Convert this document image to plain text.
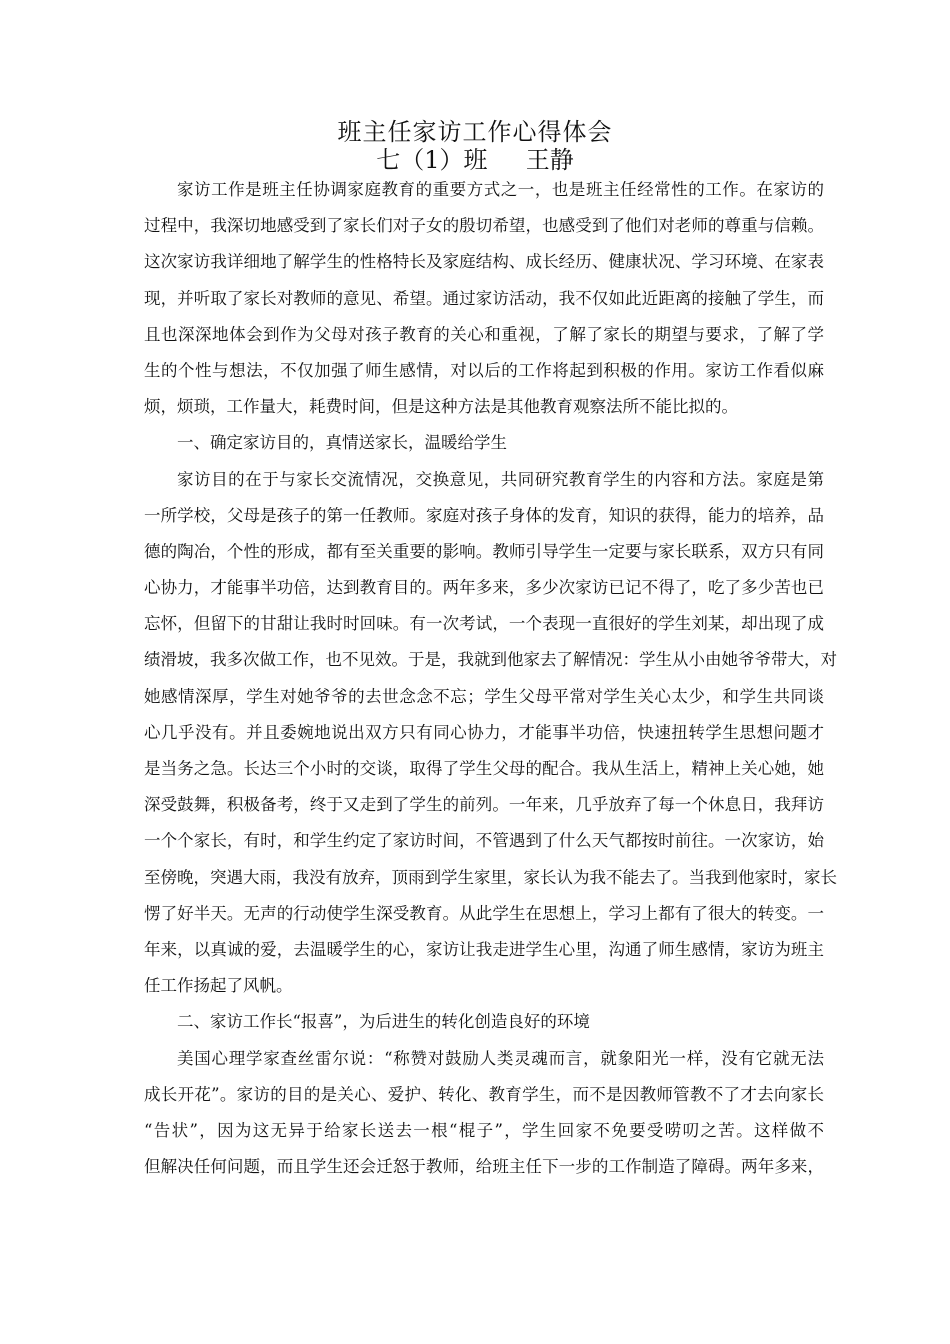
班主任家访工作心得体会
七（1）班     王静
家访工作是班主任协调家庭教育的重要方式之一，也是班主任经常性的工作。在家访的
过程中，我深切地感受到了家长们对子女的殷切希望，也感受到了他们对老师的尊重与信赖。
这次家访我详细地了解学生的性格特长及家庭结构、成长经历、健康状况、学习环境、在家表
现，并听取了家长对教师的意见、希望。通过家访活动，我不仅如此近距离的接触了学生，而
且也深深地体会到作为父母对孩子教育的关心和重视，了解了家长的期望与要求，了解了学
生的个性与想法，不仅加强了师生感情，对以后的工作将起到积极的作用。家访工作看似麻
烦，烦琐，工作量大，耗费时间，但是这种方法是其他教育观察法所不能比拟的。
一、确定家访目的，真情送家长，温暖给学生
家访目的在于与家长交流情况，交换意见，共同研究教育学生的内容和方法。家庭是第
一所学校，父母是孩子的第一任教师。家庭对孩子身体的发育，知识的获得，能力的培养，品
德的陶冶，个性的形成，都有至关重要的影响。教师引导学生一定要与家长联系，双方只有同
心协力，才能事半功倍，达到教育目的。两年多来，多少次家访已记不得了，吃了多少苦也已
忘怀，但留下的甘甜让我时时回味。有一次考试，一个表现一直很好的学生刘某，却出现了成
绩滑坡，我多次做工作，也不见效。于是，我就到他家去了解情况：学生从小由她爷爷带大，对
她感情深厚，学生对她爷爷的去世念念不忘；学生父母平常对学生关心太少，和学生共同谈
心几乎没有。并且委婉地说出双方只有同心协力，才能事半功倍，快速扭转学生思想问题才
是当务之急。长达三个小时的交谈，取得了学生父母的配合。我从生活上，精神上关心她，她
深受鼓舞，积极备考，终于又走到了学生的前列。一年来，几乎放弃了每一个休息日，我拜访
一个个家长，有时，和学生约定了家访时间，不管遇到了什么天气都按时前往。一次家访，始
至傍晚，突遇大雨，我没有放弃，顶雨到学生家里，家长认为我不能去了。当我到他家时，家长
愣了好半天。无声的行动使学生深受教育。从此学生在思想上，学习上都有了很大的转变。一
年来，以真诚的爱，去温暖学生的心，家访让我走进学生心里，沟通了师生感情，家访为班主
任工作扬起了风帆。
二、家访工作长“报喜”，为后进生的转化创造良好的环境
美国心理学家查丝雷尔说：“称赞对鼓励人类灵魂而言，就象阳光一样，没有它就无法
成长开花”。家访的目的是关心、爱护、转化、教育学生，而不是因教师管教不了才去向家长
“告状”，因为这无异于给家长送去一根“棍子”，学生回家不免要受唠叨之苦。这样做不
但解决任何问题，而且学生还会迁怒于教师，给班主任下一步的工作制造了障碍。两年多来，
